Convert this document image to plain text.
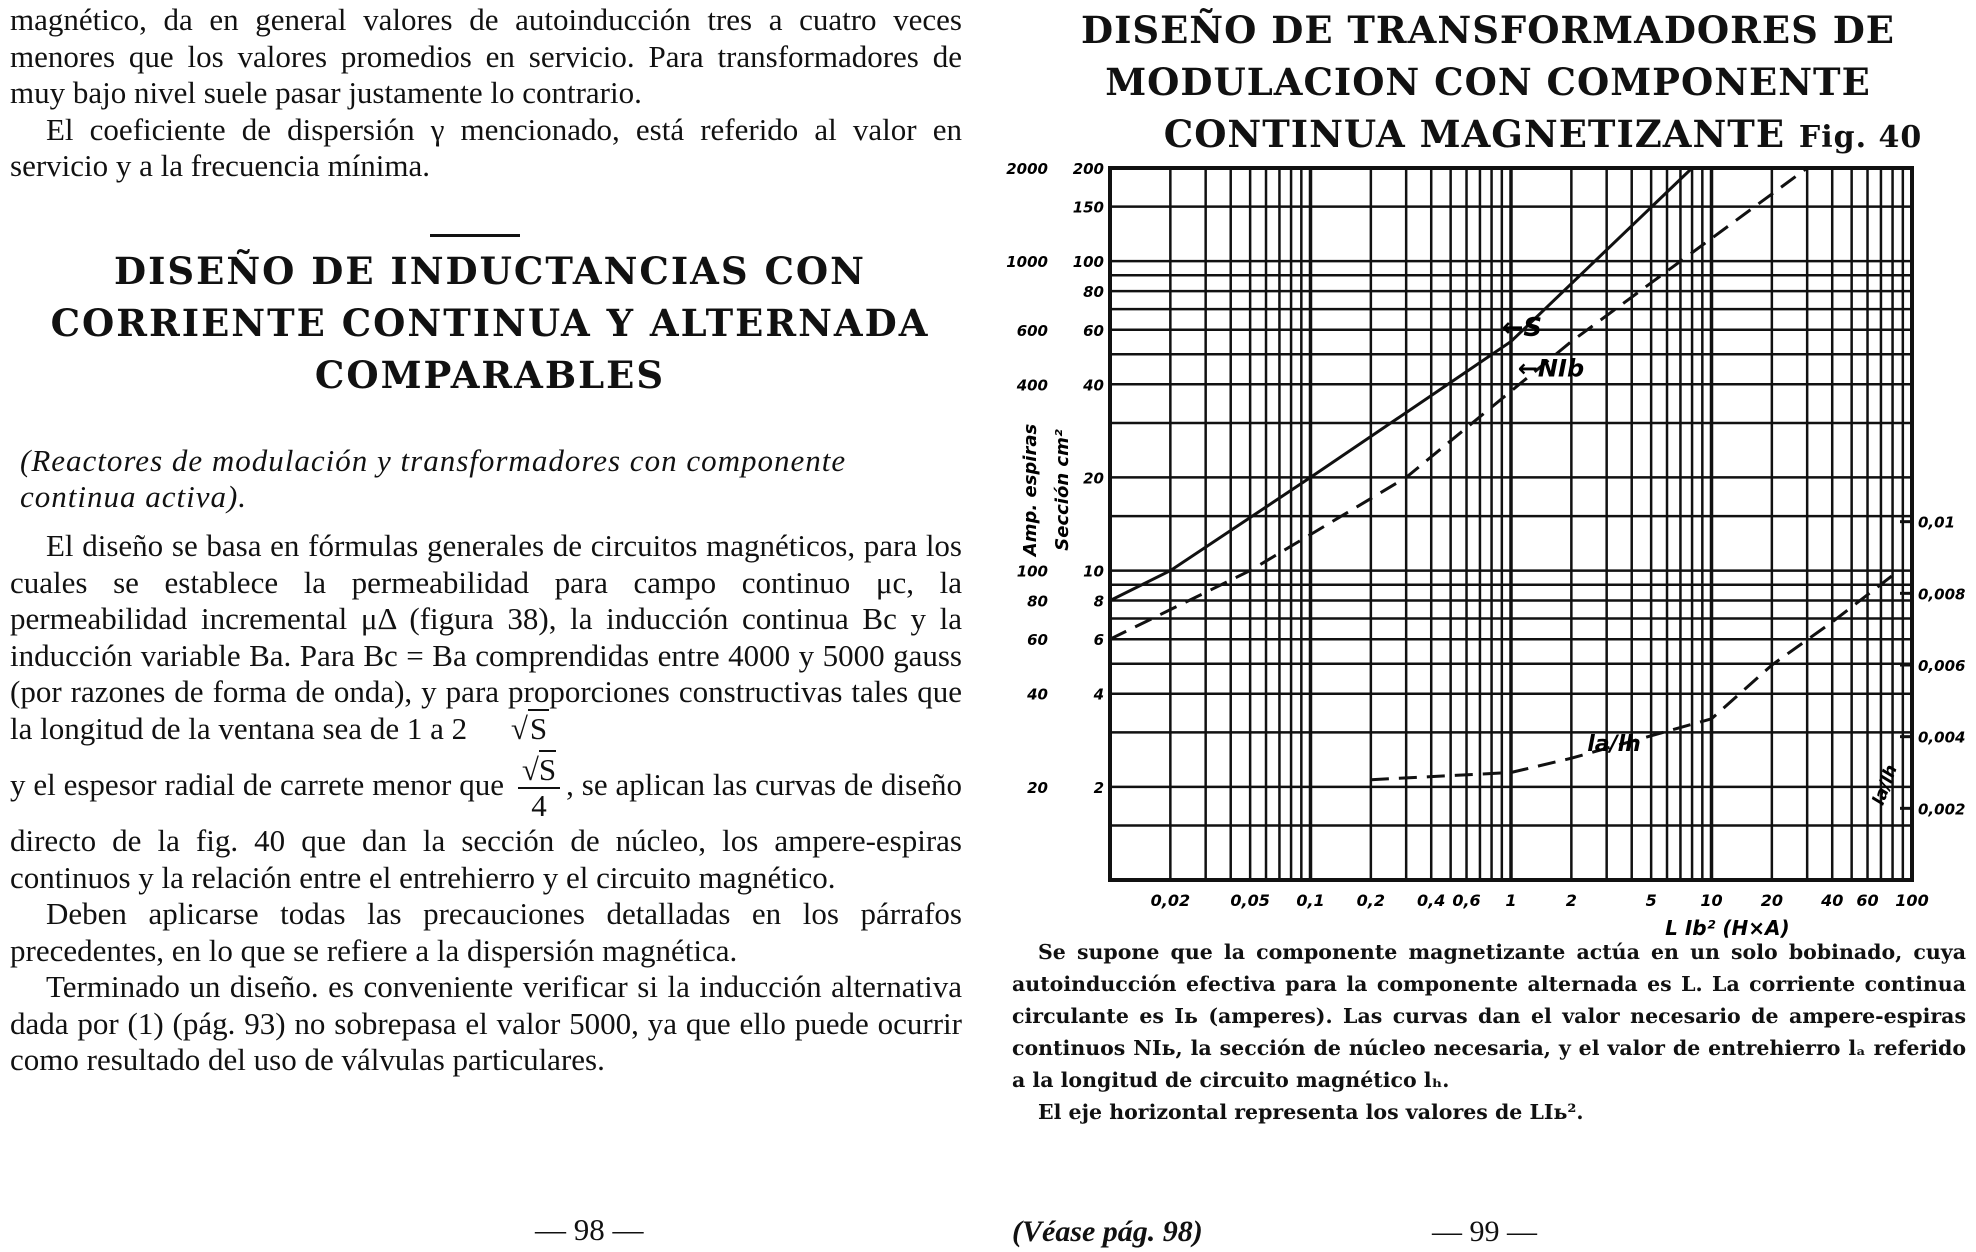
magnético, da en general valores de autoinducción tres a cuatro veces menores que los valores promedios en servicio. Para transformadores de muy bajo nivel suele pasar justamente lo contrario.

El coeficiente de dispersión γ mencionado, está referido al valor en servicio y a la frecuencia mínima.

DISEÑO DE INDUCTANCIAS CON
CORRIENTE CONTINUA Y ALTERNADA
COMPARABLES

(Reactores de modulación y transformadores con componente continua activa).

El diseño se basa en fórmulas generales de circuitos magnéticos, para los cuales se establece la permeabilidad para campo continuo μc, la permeabilidad incremental μΔ (figura 38), la inducción continua Bc y la inducción variable Ba. Para Bc = Ba comprendidas entre 4000 y 5000 gauss (por razones de forma de onda), y para proporciones constructivas tales que la longitud de la ventana sea de 1 a 2 √S

y el espesor radial de carrete menor que $\frac{√S}{4}$ , se aplican las curvas de diseño directo de la fig. 40 que dan la sección de núcleo, los ampere-espiras continuos y la relación entre el entrehierro y el circuito magnético.

Deben aplicarse todas las precauciones detalladas en los párrafos precedentes, en lo que se refiere a la dispersión magnética.

Terminado un diseño. es conveniente verificar si la inducción alternativa dada por (1) (pág. 93) no sobrepasa el valor 5000, ya que ello puede ocurrir como resultado del uso de válvulas particulares.

— 98 —
DISEÑO DE TRANSFORMADORES DE
MODULACION CON COMPONENTE
CONTINUA MAGNETIZANTE Fig. 40
0,02	0,05 0,1 0,2 0,4 0,6 1	2	5	10 20 40 60 100
L Ib² (H×A)
2
4
6
8
10
20
40
60
80
100
150
200
20
40
60
80
100
400
600
1000
2000
Amp. espiras Sección cm²
0,002
0,004
0,006
0,008
0,01
la/lh
←S
←NIb
la/lh

Se supone que la componente magnetizante actúa en un solo bobinado, cuya autoinducción efectiva para la componente alternada es L. La corriente continua circulante es Iь (amperes). Las curvas dan el valor necesario de ampere-espiras continuos NIь, la sección de núcleo necesaria, y el valor de entrehierro lₐ referido a la longitud de circuito magnético lₕ.

El eje horizontal representa los valores de LIь².

(Véase pág. 98)	— 99 —
